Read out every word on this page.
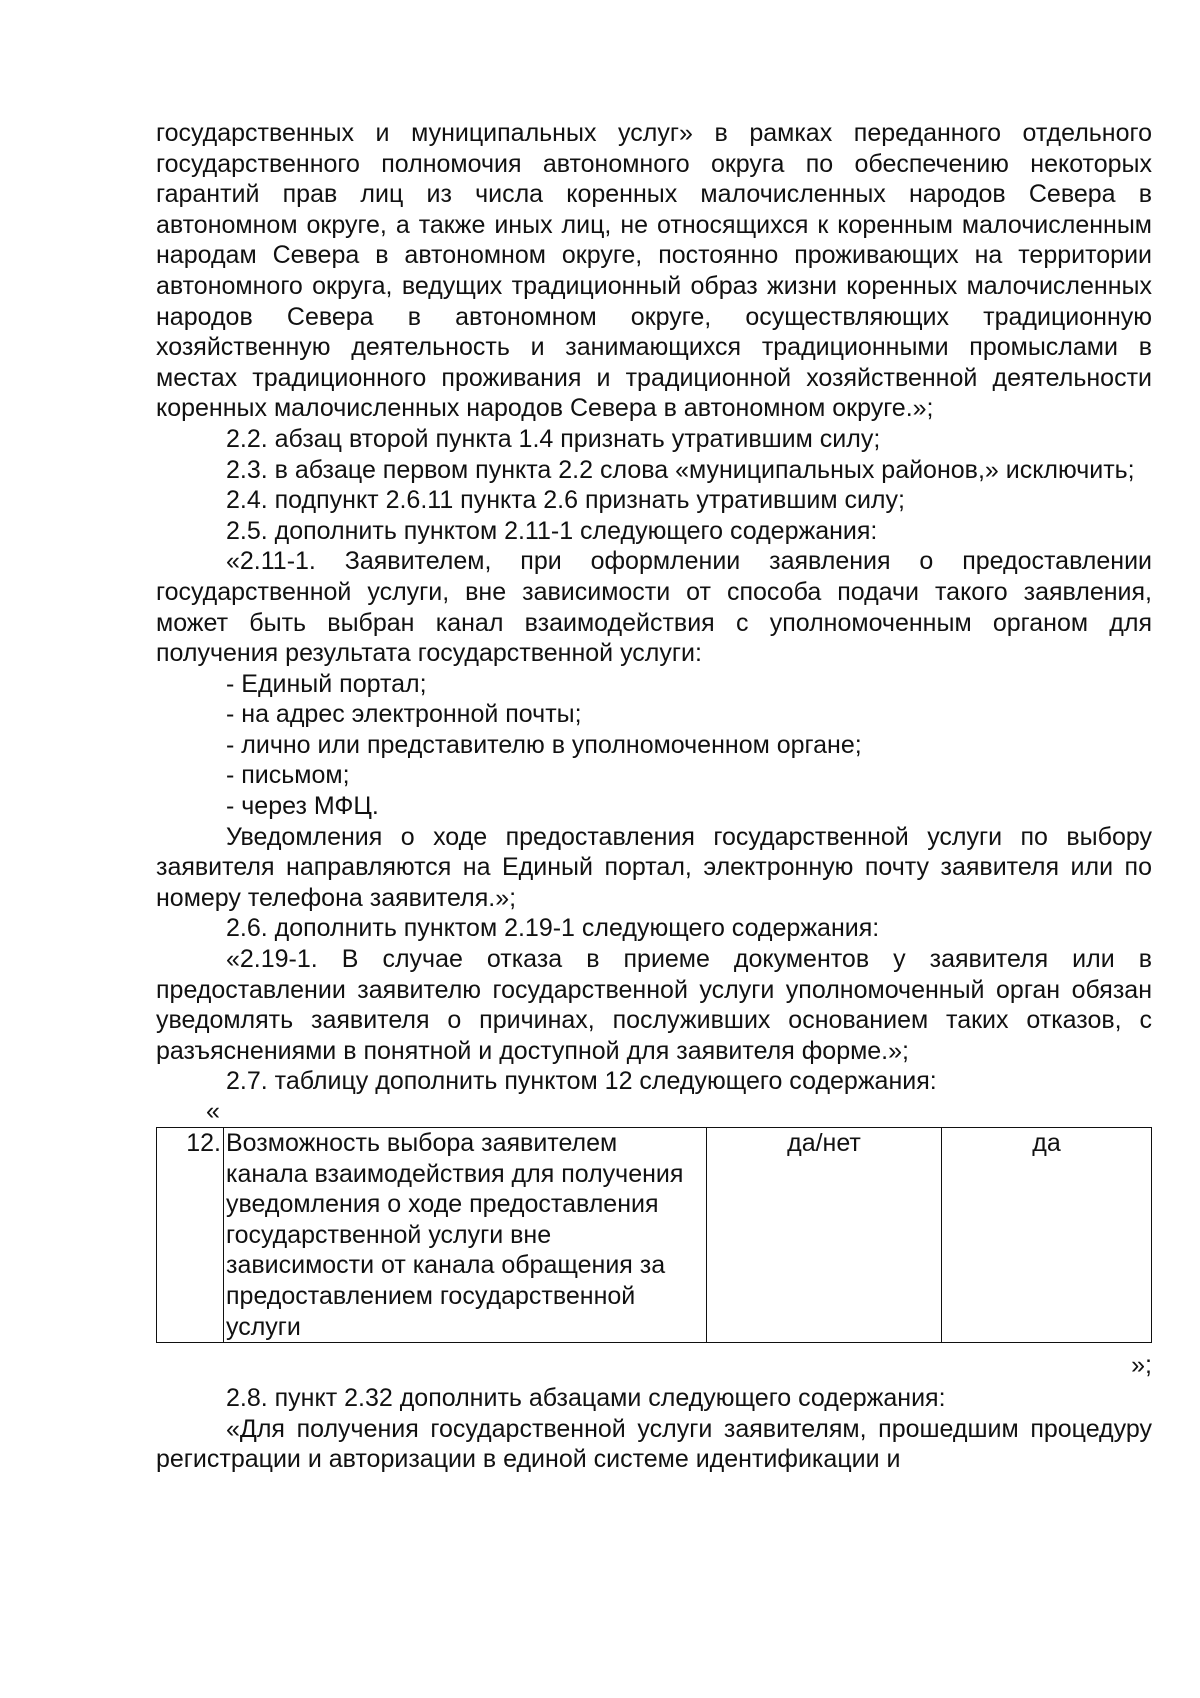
государственных и муниципальных услуг» в рамках переданного отдельного государственного полномочия автономного округа по обеспечению некоторых гарантий прав лиц из числа коренных малочисленных народов Севера в автономном округе, а также иных лиц, не относящихся к коренным малочисленным народам Севера в автономном округе, постоянно проживающих на территории автономного округа, ведущих традиционный образ жизни коренных малочисленных народов Севера в автономном округе, осуществляющих традиционную хозяйственную деятельность и занимающихся традиционными промыслами в местах традиционного проживания и традиционной хозяйственной деятельности коренных малочисленных народов Севера в автономном округе.»;

2.2. абзац второй пункта 1.4 признать утратившим силу;

2.3. в абзаце первом пункта 2.2 слова «муниципальных районов,» исключить;

2.4. подпункт 2.6.11 пункта 2.6 признать утратившим силу;

2.5. дополнить пунктом 2.11-1 следующего содержания:

«2.11-1. Заявителем, при оформлении заявления о предоставлении государственной услуги, вне зависимости от способа подачи такого заявления, может быть выбран канал взаимодействия с уполномоченным органом для получения результата государственной услуги:

- Единый портал;

- на адрес электронной почты;

- лично или представителю в уполномоченном органе;

- письмом;

- через МФЦ.

Уведомления о ходе предоставления государственной услуги по выбору заявителя направляются на Единый портал, электронную почту заявителя или по номеру телефона заявителя.»;

2.6. дополнить пунктом 2.19-1 следующего содержания:

«2.19-1. В случае отказа в приеме документов у заявителя или в предоставлении заявителю государственной услуги уполномоченный орган обязан уведомлять заявителя о причинах, послуживших основанием таких отказов, с разъяснениями в понятной и доступной для заявителя форме.»;

2.7. таблицу дополнить пунктом 12 следующего содержания:

«
12.	Возможность выбора заявителем канала взаимодействия для получения уведомления о ходе предоставления государственной услуги вне зависимости от канала обращения за предоставлением государственной услуги	да/нет	да
»;

2.8. пункт 2.32 дополнить абзацами следующего содержания:

«Для получения государственной услуги заявителям, прошедшим процедуру регистрации и авторизации в единой системе идентификации и
